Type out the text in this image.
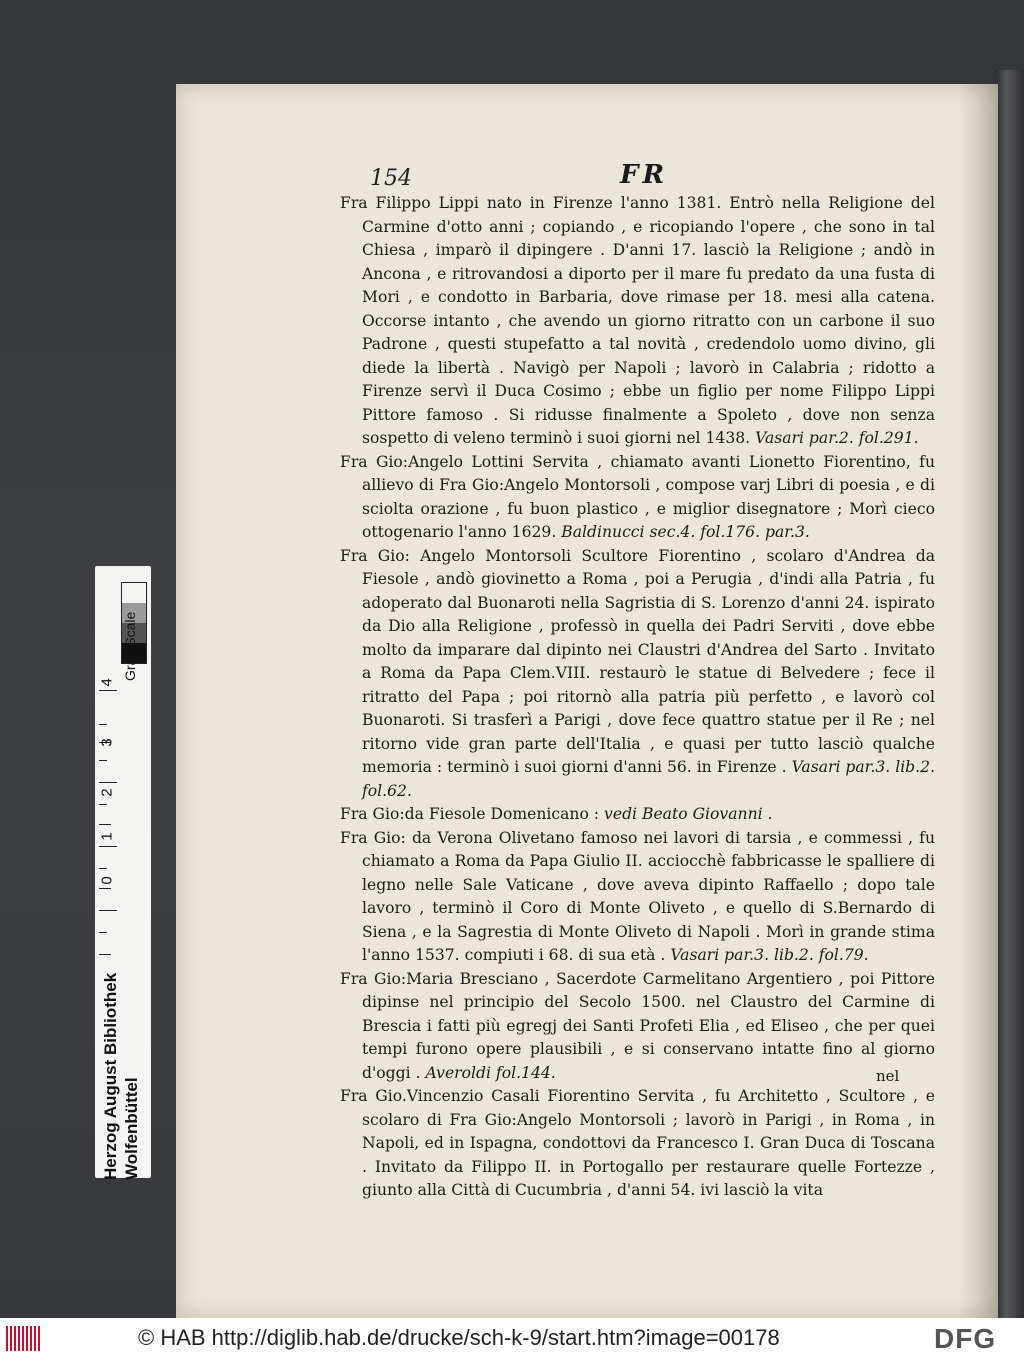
154	FR

Fra Filippo Lippi nato in Firenze l'anno 1381. Entrò nella Religione del Carmine d'otto anni ; copiando , e ricopiando l'opere , che sono in tal Chiesa , imparò il dipingere . D'anni 17. lasciò la Religione ; andò in Ancona , e ritrovandosi a diporto per il mare fu predato da una fusta di Mori , e condotto in Barbaria, dove rimase per 18. mesi alla catena. Occorse intanto , che avendo un giorno ritratto con un carbone il suo Padrone , questi stupefatto a tal novità , credendolo uomo divino, gli diede la libertà . Navigò per Napoli ; lavorò in Calabria ; ridotto a Firenze servì il Duca Cosimo ; ebbe un figlio per nome Filippo Lippi Pittore famoso . Si ridusse finalmente a Spoleto , dove non senza sospetto di veleno terminò i suoi giorni nel 1438. Vasari par.2. fol.291.

Fra Gio:Angelo Lottini Servita , chiamato avanti Lionetto Fiorentino, fu allievo di Fra Gio:Angelo Montorsoli , compose varj Libri di poesia , e di sciolta orazione , fu buon plastico , e miglior disegnatore ; Morì cieco ottogenario l'anno 1629. Baldinucci sec.4. fol.176. par.3.

Fra Gio: Angelo Montorsoli Scultore Fiorentino , scolaro d'Andrea da Fiesole , andò giovinetto a Roma , poi a Perugia , d'indi alla Patria , fu adoperato dal Buonaroti nella Sagristia di S. Lorenzo d'anni 24. ispirato da Dio alla Religione , professò in quella dei Padri Serviti , dove ebbe molto da imparare dal dipinto nei Claustri d'Andrea del Sarto . Invitato a Roma da Papa Clem.VIII. restaurò le statue di Belvedere ; fece il ritratto del Papa ; poi ritornò alla patria più perfetto , e lavorò col Buonaroti. Si trasferì a Parigi , dove fece quattro statue per il Re ; nel ritorno vide gran parte dell'Italia , e quasi per tutto lasciò qualche memoria : terminò i suoi giorni d'anni 56. in Firenze . Vasari par.3. lib.2. fol.62.

Fra Gio:da Fiesole Domenicano : vedi Beato Giovanni .

Fra Gio: da Verona Olivetano famoso nei lavori di tarsia , e commessi , fu chiamato a Roma da Papa Giulio II. acciocchè fabbricasse le spalliere di legno nelle Sale Vaticane , dove aveva dipinto Raffaello ; dopo tale lavoro , terminò il Coro di Monte Oliveto , e quello di S.Bernardo di Siena , e la Sagrestia di Monte Oliveto di Napoli . Morì in grande stima l'anno 1537. compiuti i 68. di sua età . Vasari par.3. lib.2. fol.79.

Fra Gio:Maria Bresciano , Sacerdote Carmelitano Argentiero , poi Pittore dipinse nel principio del Secolo 1500. nel Claustro del Carmine di Brescia i fatti più egregj dei Santi Profeti Elia , ed Eliseo , che per quei tempi furono opere plausibili , e si conservano intatte fino al giorno d'oggi . Averoldi fol.144.

Fra Gio.Vincenzio Casali Fiorentino Servita , fu Architetto , Scultore , e scolaro di Fra Gio:Angelo Montorsoli ; lavorò in Parigi , in Roma , in Napoli, ed in Ispagna, condottovi da Francesco I. Gran Duca di Toscana . Invitato da Filippo II. in Portogallo per restaurare quelle Fortezze , giunto alla Città di Cucumbria , d'anni 54. ivi lasciò la vita

nel
4
3
2
1
0
Gray Scale
Herzog August Bibliothek Wolfenbüttel
© HAB http://diglib.hab.de/drucke/sch-k-9/start.htm?image=00178	DFG
